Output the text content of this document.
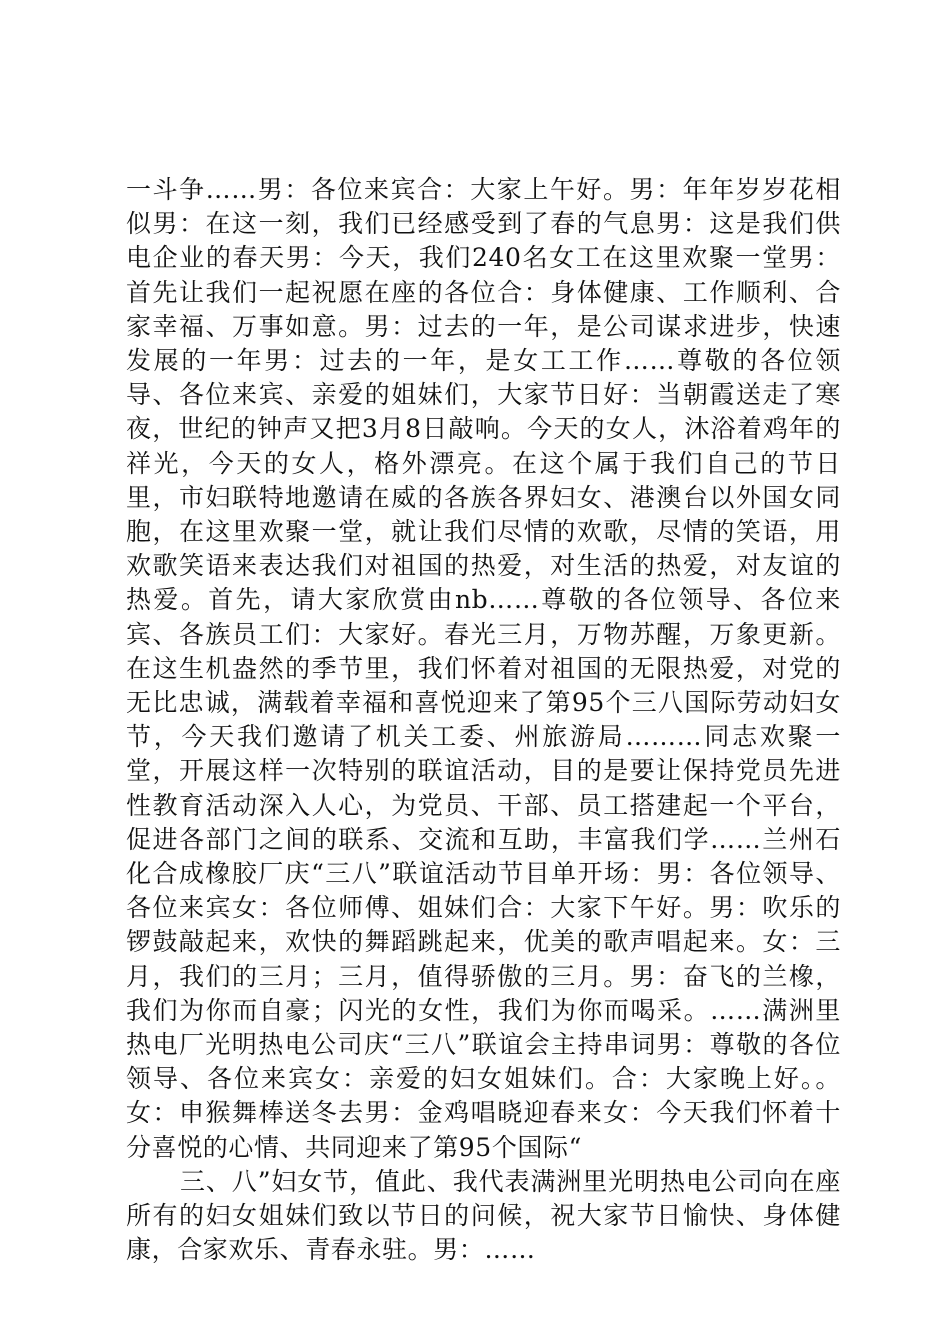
一斗争……男：各位来宾合：大家上午好。男：年年岁岁花相似男：在这一刻，我们已经感受到了春的气息男：这是我们供电企业的春天男：今天，我们240名女工在这里欢聚一堂男：首先让我们一起祝愿在座的各位合：身体健康、工作顺利、合家幸福、万事如意。男：过去的一年，是公司谋求进步，快速发展的一年男：过去的一年，是女工工作……尊敬的各位领导、各位来宾、亲爱的姐妹们，大家节日好：当朝霞送走了寒夜，世纪的钟声又把3月8日敲响。今天的女人，沐浴着鸡年的祥光，今天的女人，格外漂亮。在这个属于我们自己的节日里，市妇联特地邀请在威的各族各界妇女、港澳台以外国女同胞，在这里欢聚一堂，就让我们尽情的欢歌，尽情的笑语，用欢歌笑语来表达我们对祖国的热爱，对生活的热爱，对友谊的热爱。首先，请大家欣赏由nb……尊敬的各位领导、各位来宾、各族员工们：大家好。春光三月，万物苏醒，万象更新。在这生机盎然的季节里，我们怀着对祖国的无限热爱，对党的无比忠诚，满载着幸福和喜悦迎来了第95个三八国际劳动妇女节，今天我们邀请了机关工委、州旅游局………同志欢聚一堂，开展这样一次特别的联谊活动，目的是要让保持党员先进性教育活动深入人心，为党员、干部、员工搭建起一个平台，促进各部门之间的联系、交流和互助，丰富我们学……兰州石化合成橡胶厂庆“三八”联谊活动节目单开场：男：各位领导、各位来宾女：各位师傅、姐妹们合：大家下午好。男：吹乐的锣鼓敲起来，欢快的舞蹈跳起来，优美的歌声唱起来。女：三月，我们的三月；三月，值得骄傲的三月。男：奋飞的兰橡，我们为你而自豪；闪光的女性，我们为你而喝采。……满洲里热电厂光明热电公司庆“三八”联谊会主持串词男：尊敬的各位领导、各位来宾女：亲爱的妇女姐妹们。合：大家晚上好。。女：申猴舞棒送冬去男：金鸡唱晓迎春来女：今天我们怀着十分喜悦的心情、共同迎来了第95个国际“

三、八”妇女节，值此、我代表满洲里光明热电公司向在座所有的妇女姐妹们致以节日的问候，祝大家节日愉快、身体健康，合家欢乐、青春永驻。男：……
